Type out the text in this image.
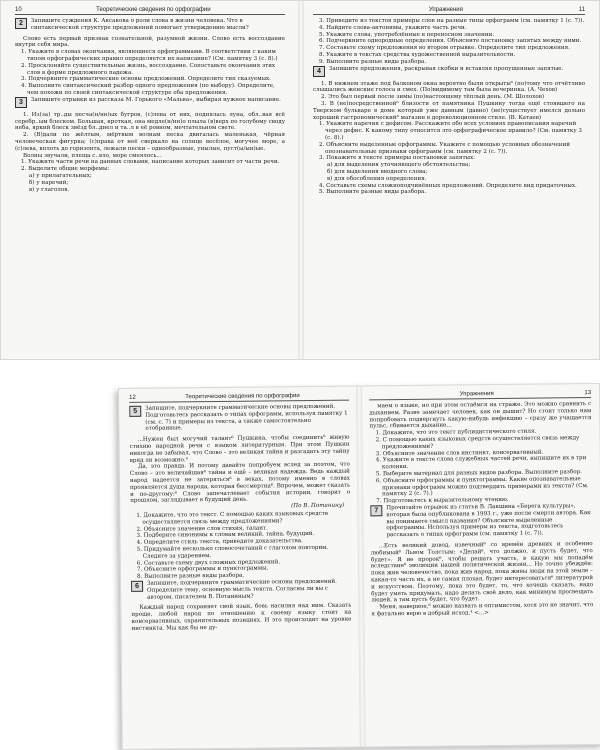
10	Теоретические сведения по орфографии
2	Запишите суждения К. Аксакова о роли слова в жизни человека. Что в синтаксической структуре предложений помогает утверждению мысли?

Слово есть первый признак сознательной, разумной жизни. Слово есть воссоздание внутри себя мира.

1. Укажите в словах окончания, являющиеся орфограммами. В соответствии с каким типом орфографических правил определяется их написание? (См. памятку 3 (с. 8).)

2. Просклоняйте существительные жизнь, воссоздание. Сопоставьте окончания этих слов в форме предложного падежа.

3. Подчеркните грамматические основы предложений. Определите тип сказуемых.

4. Выполните синтаксический разбор одного предложения (по выбору). Определите, чем похожи по своей синтаксической структуре оба предложения.

3	Запишите отрывки из рассказа М. Горького «Мальва», выбирая нужное написание.

1. Из(за) тр..ды песча(н/нн)ых бугров, (с)лева от них, поднялась луна, обл..вая всё серебр..ым блеском. Большая, кроткая, она медле(н/нн)о плыла (в)верх по голубому своду неба, яркий блеск звёзд бл..днел и та..л в её ровном, мечтательном свете.

2. (В)дали по жёлтым, мёртвым волнам песка двигалась маленькая, чёрная человеческая фигурка; (с)права от неё сверкало на солнце весёлое, могучее море, а (с)лева, вплоть до горизонта, лежали пески – однообразные, унылые, пуст(ы/ын)ые.

Волны звучали, плеща с..вло, море смеялось...

1. Укажите части речи на данных словами, написание которых зависит от части речи.

2. Выделите общие морфемы:

а) у прилагательных;

б) у наречий;

в) у глаголов.

Упражнения	11

3. Приведите из текстов примеры слов на разные типы орфограмм (см. памятку 1 (с. 7)).

4. Найдите слова-антонимы, укажите часть речи.

5. Укажите слова, употреблённые в переносном значении.

6. Подчеркните однородные определения. Объясните постановку запятых между ними.

7. Составьте схему предложения во втором отрывке. Определите тип предложения.

8. Укажите в текстах средства художественной выразительности.

9. Выполните разные виды разбора.

4	Запишите предложения, раскрывая скобки и вставляя пропущенные запятые.

1. В нижнем этаже под балконом окна вероятно были открыты⁶ (по)тому что отчётливо слышались женские голоса и смех. (По)видимому там была вечеринка. (А. Чехов)

2. Это был первый после зимы (по)настоящему тёплый день. (М. Шолохов)

3. В (не)посредственной⁶ близости от памятника Пушкину тогда ещё стоявшего на Тверском бульваре в доме который уже давным (давно) (не)существует имелся дольно хороший гастрономический⁶ магазин в дореволюционном стиле. (В. Катаев)

1. Укажите наречия с дефисом. Расскажите обо всех условиях правописания наречий через дефис. К какому типу относится это орфографическое правило? (См. памятку 3 (с. 8).)

2. Объясните выделенные орфограммы. Укажите с помощью условных обозначений опознавательные признаки орфограмм (см. памятку 2 (с. 7)).

3. Покажите в тексте примеры постановки запятых:

а) для выделения уточняющего обстоятельства;

б) для выделения вводного слова;

в) для обособления определения.

4. Составьте схемы сложноподчинённых предложений. Определите вид придаточных.

5. Выполните разные виды разбора.

12	Теоретические сведения по орфографии
5	Запишите, подчеркните грамматические основы предложений. Подготовьтесь рассказать о типах орфограмм, используя памятку 1 (см. с. 7) и примеры из текста, а также самостоятельно отобранные.

...Нужен был могучий талант⁶ Пушкина, чтобы соединить⁶ живую стихию народной речи с языком литературным. При этом Пушкин никогда не забывал, что Слово – это великая тайна и разгадать эту тайну вряд ли возможно.⁴

Да, это правда. И потому давайте попробуем вслед за поэтом, что Слово – это величайшая⁶ тайна и ещё – великая надежда. Ведь каждый народ надеется не затеряться⁶ в веках, потому именно в словах проявляется душа народа, которая бессмертна⁶. Впрочем, может сказать и по-другому:⁶ Слово запечатлевает события истории, говорит о прошлом, заглядывает в будущий день.

(По В. Потанину)

1. Докажите, что это текст. С помощью каких языковых средств осуществляется связь между предложениями?

2. Объясните значение слов стихия, талант.

3. Подберите синонимы к словам великий, тайна, будущий.

4. Определите стиль текста, приведите доказательства.

5. Придумайте несколько словосочетаний с глаголом повторим. Следите за ударением.

6. Составьте схему двух сложных предложений.

7. Объясните орфограммы и пунктограммы.

8. Выполните разные виды разбора.

6	Запишите, подчеркните грамматические основы предложений. Определите тему, основную мысль текста. Согласны ли вы с автором, писателем В. Потаниным?

Каждый народ сохраняет свой язык, бовь насилия над ним. Сказать проще, любой народ по отношению к своему языку стоит на консервативных, охранительных позициях. И это происходит на уровне инстинкта. Мы как бы не ду-

Упражнения	13

маем о языке, но при этом остаёмся на страже. Это можно сравнить с дыханием. Разве замечает человек, как он дышит? Но стоит только нам попробовать подвергнуть какую-нибудь инфекцию – сразу же учащается пульс, сбивается дыхание...

1. Докажите, что это текст публицистического стиля.

2. С помощью каких языковых средств осуществляется связь между предложениями?

3. Объясните значение слов инстинкт, консервативный.

4. Укажите в тексте слова служебных частей речи, выпишите их в три колонки.

5. Выберите материал для разных видов разбора. Выполните разбор.

6. Объясните орфограммы и пунктограммы. Какие опознавательные признаки орфограмм можно подтвердить примерами из текста? (См. памятку 2 (с. 7).)

7. Подготовьтесь к выразительному чтению.

7	Прочитайте отрывок из статьи В. Лакшина «Берега культуры», которая была опубликована в 1993 г., уже после смерти автора. Как вы понимаете смысл названия? Объясните выделенные орфограммы. Используя примеры из текста, подготовьтесь рассказать о типах орфограмм (см. памятку 1 (с. 7)).

...Есть великий довод, извечный⁶ со времён древних и особенно любимый⁶ Львом Толстым: «Делай⁶, что должно, и пусть будет, что будет». Я не пророк⁶, чтобы решать участь, в какую мы попадём вследствие⁶ эволюции нашей политической жизни... Но точно убеждён: пока жив человечество, пока жив народ, пока живы люди на этой земле – какая-то часть их, а не самая плохая, будет интересоваться⁶ литературой и искусством. Поэтому, пока это будет, то, что хочешь сказать, надо будет уметь придумать, надо делать своё дело, как минимум просвещать людей, а там пусть будет, что будет.

Меня, наверное,⁶ можно назвать и оптимистом, хотя это не значит, что я фатально верю в добрый исход.⁴ <...>
